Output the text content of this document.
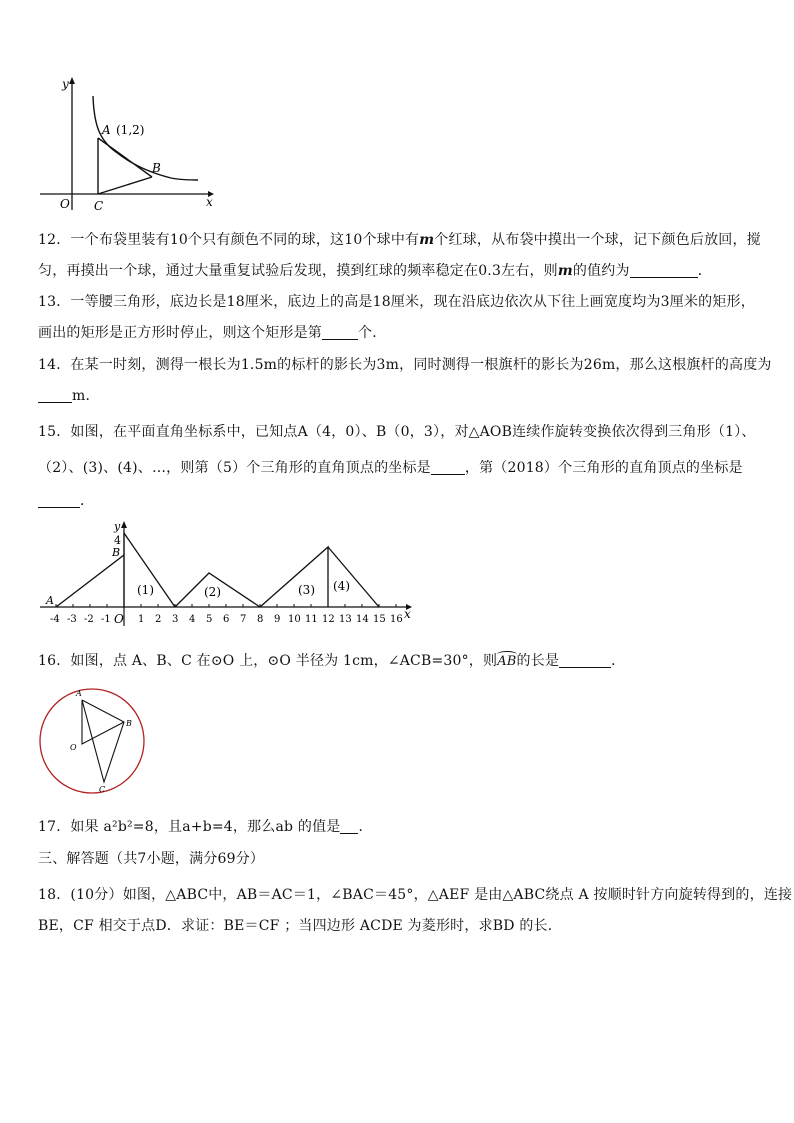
y
x
O C
A (1,2)
B
12．一个布袋里装有10个只有颜色不同的球，这10个球中有m个红球，从布袋中摸出一个球，记下颜色后放回，搅
匀，再摸出一个球，通过大量重复试验后发现，摸到红球的频率稳定在0.3左右，则m的值约为	．
13．一等腰三角形，底边长是18厘米，底边上的高是18厘米，现在沿底边依次从下往上画宽度均为3厘米的矩形，
画出的矩形是正方形时停止，则这个矩形是第	个．
14．在某一时刻，测得一根长为1.5m的标杆的影长为3m，同时测得一根旗杆的影长为26m，那么这根旗杆的高度为
m．
15．如图，在平面直角坐标系中，已知点A（4，0）、B（0，3），对△AOB连续作旋转变换依次得到三角形（1）、
（2）、(3)、(4)、…，则第（5）个三角形的直角顶点的坐标是 ，第（2018）个三角形的直角顶点的坐标是
．
y
x
4
B
A
O
(1)	(2)	(3) (4)
-4 -3 -2 -1	1 2 3 4 5 6 7 8 9 10 11 12 13 14 15 16
16．如图，点 A、B、C 在⊙O 上，⊙O 半径为 1cm，∠ACB=30°，则
AB的长是	．
A
B
O
C
17．如果 a²b²=8，且a+b=4，那么ab 的值是 ．
三、解答题（共7小题，满分69分）
18．(10分）如图，△ABC中，AB＝AC＝1，∠BAC＝45°，△AEF 是由△ABC绕点 A 按顺时针方向旋转得到的，连接
BE，CF 相交于点D．求证：BE＝CF ；当四边形 ACDE 为菱形时，求BD 的长．
